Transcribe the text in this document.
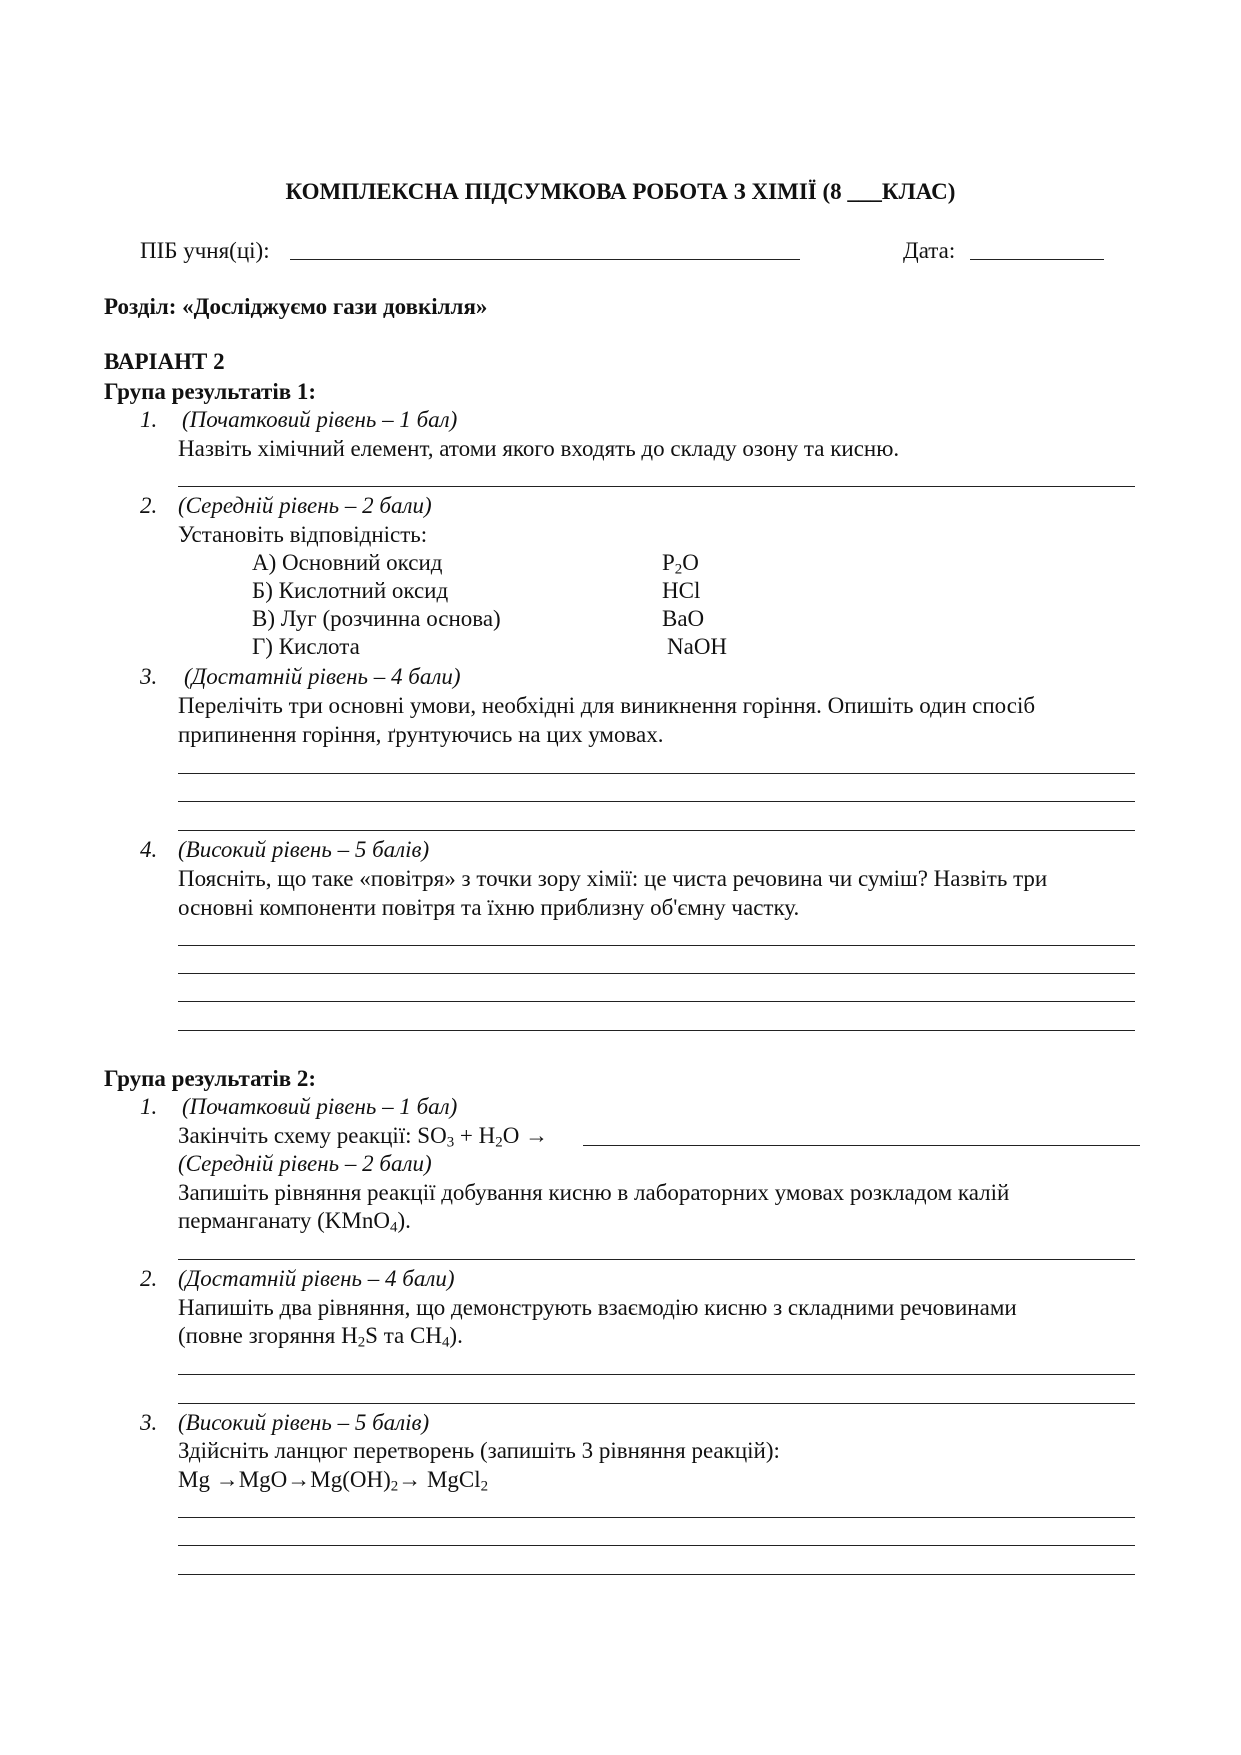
КОМПЛЕКСНА ПІДСУМКОВА РОБОТА З ХІМІЇ (8 ___КЛАС)
ПІБ учня(ці):	Дата:
Розділ: «Досліджуємо гази довкілля»
ВАРІАНТ 2
Група результатів 1:
1. (Початковий рівень – 1 бал)
Назвіть хімічний елемент, атоми якого входять до складу озону та кисню.
2. (Середній рівень – 2 бали)
Установіть відповідність:
А) Основний оксид
Б) Кислотний оксид
В) Луг (розчинна основа)
Г) Кислота
$P_2O$
HCl
BaO
NaOH
3. (Достатній рівень – 4 бали)
Перелічіть три основні умови, необхідні для виникнення горіння. Опишіть один спосіб
припинення горіння, ґрунтуючись на цих умовах.
4. (Високий рівень – 5 балів)
Поясніть, що таке «повітря» з точки зору хімії: це чиста речовина чи суміш? Назвіть три
основні компоненти повітря та їхню приблизну об'ємну частку.
Група результатів 2:
1. (Початковий рівень – 1 бал)
Закінчіть схему реакції: $SO_3 + H_2O$ →
(Середній рівень – 2 бали)
Запишіть рівняння реакції добування кисню в лабораторних умовах розкладом калій
перманганату (KMnO$_4$).
2. (Достатній рівень – 4 бали)
Напишіть два рівняння, що демонструють взаємодію кисню з складними речовинами
(повне згоряння $H_2S$ та $CH_4$).
3. (Високий рівень – 5 балів)
Здійсніть ланцюг перетворень (запишіть 3 рівняння реакцій):
$Mg \to MgO\to Mg(OH)_2\to$ MgCl$_2$
